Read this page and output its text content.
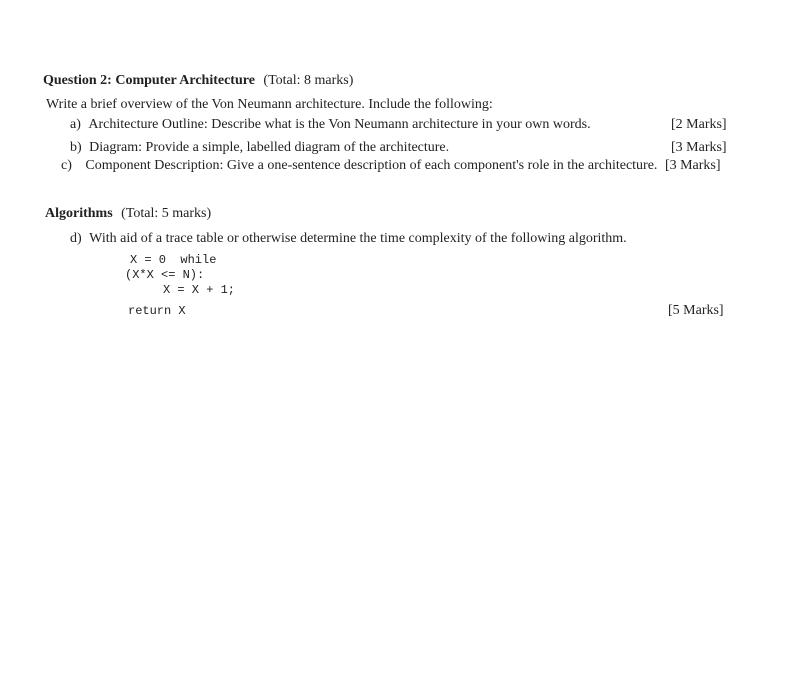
Question 2: Computer Architecture (Total: 8 marks)
Write a brief overview of the Von Neumann architecture. Include the following:
a) Architecture Outline: Describe what is the Von Neumann architecture in your own words.	[2 Marks]
b) Diagram: Provide a simple, labelled diagram of the architecture.	[3 Marks]
c) Component Description: Give a one-sentence description of each component's role in the architecture. [3 Marks]
Algorithms (Total: 5 marks)
d) With aid of a trace table or otherwise determine the time complexity of the following algorithm.
X = 0  while
(X*X <= N):
X = X + 1;
return X	[5 Marks]
